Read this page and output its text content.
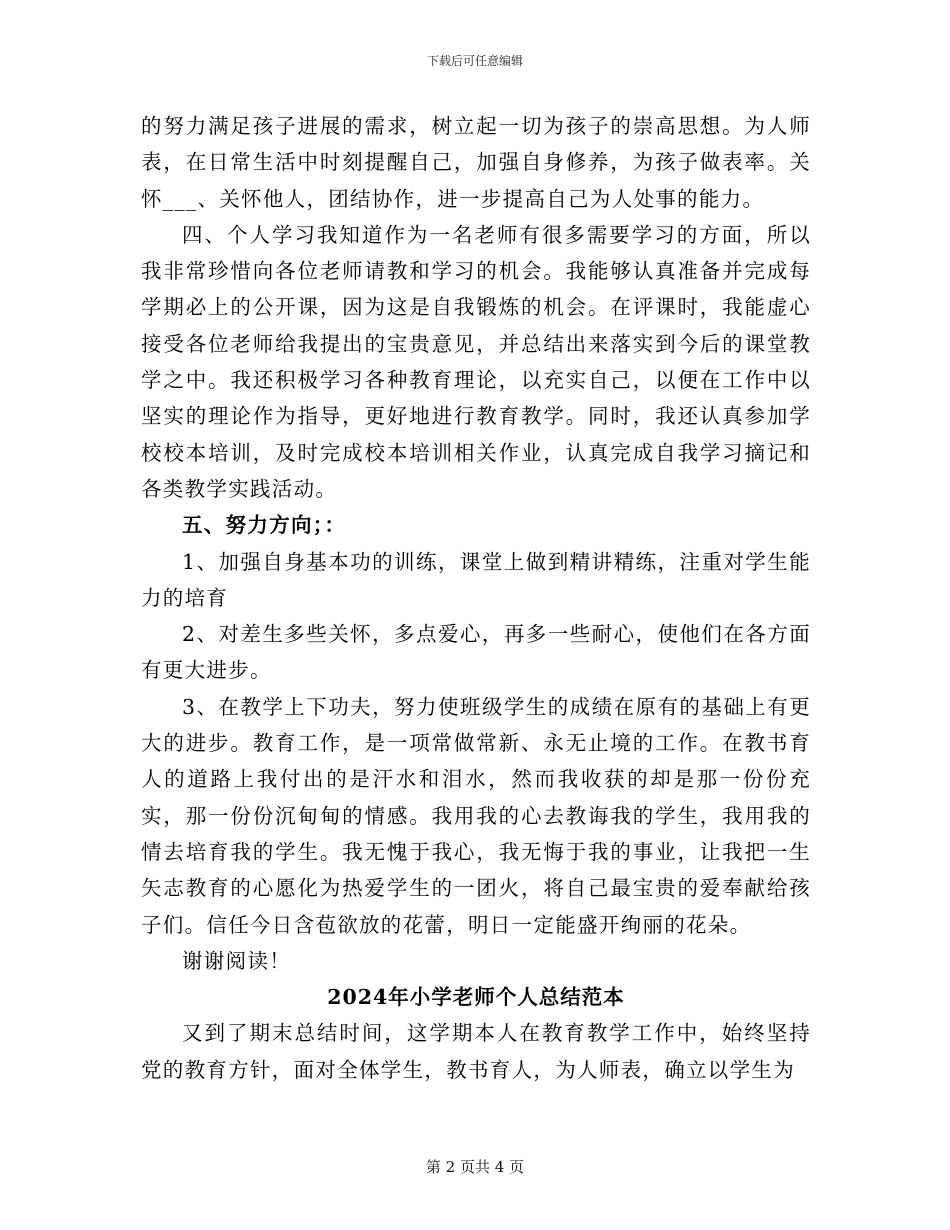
下载后可任意编辑

的努力满足孩子进展的需求，树立起一切为孩子的崇高思想。为人师表，在日常生活中时刻提醒自己，加强自身修养，为孩子做表率。关怀___、关怀他人，团结协作，进一步提高自己为人处事的能力。

四、个人学习我知道作为一名老师有很多需要学习的方面，所以我非常珍惜向各位老师请教和学习的机会。我能够认真准备并完成每学期必上的公开课，因为这是自我锻炼的机会。在评课时，我能虚心接受各位老师给我提出的宝贵意见，并总结出来落实到今后的课堂教学之中。我还积极学习各种教育理论，以充实自己，以便在工作中以坚实的理论作为指导，更好地进行教育教学。同时，我还认真参加学校校本培训，及时完成校本培训相关作业，认真完成自我学习摘记和各类教学实践活动。

五、努力方向；：

1、加强自身基本功的训练，课堂上做到精讲精练，注重对学生能力的培育

2、对差生多些关怀，多点爱心，再多一些耐心，使他们在各方面有更大进步。

3、在教学上下功夫，努力使班级学生的成绩在原有的基础上有更大的进步。教育工作，是一项常做常新、永无止境的工作。在教书育人的道路上我付出的是汗水和泪水，然而我收获的却是那一份份充实，那一份份沉甸甸的情感。我用我的心去教诲我的学生，我用我的情去培育我的学生。我无愧于我心，我无悔于我的事业，让我把一生矢志教育的心愿化为热爱学生的一团火，将自己最宝贵的爱奉献给孩子们。信任今日含苞欲放的花蕾，明日一定能盛开绚丽的花朵。

谢谢阅读！

2024年小学老师个人总结范本

又到了期末总结时间，这学期本人在教育教学工作中，始终坚持党的教育方针，面对全体学生，教书育人，为人师表，确立以学生为

第 2 页共 4 页
